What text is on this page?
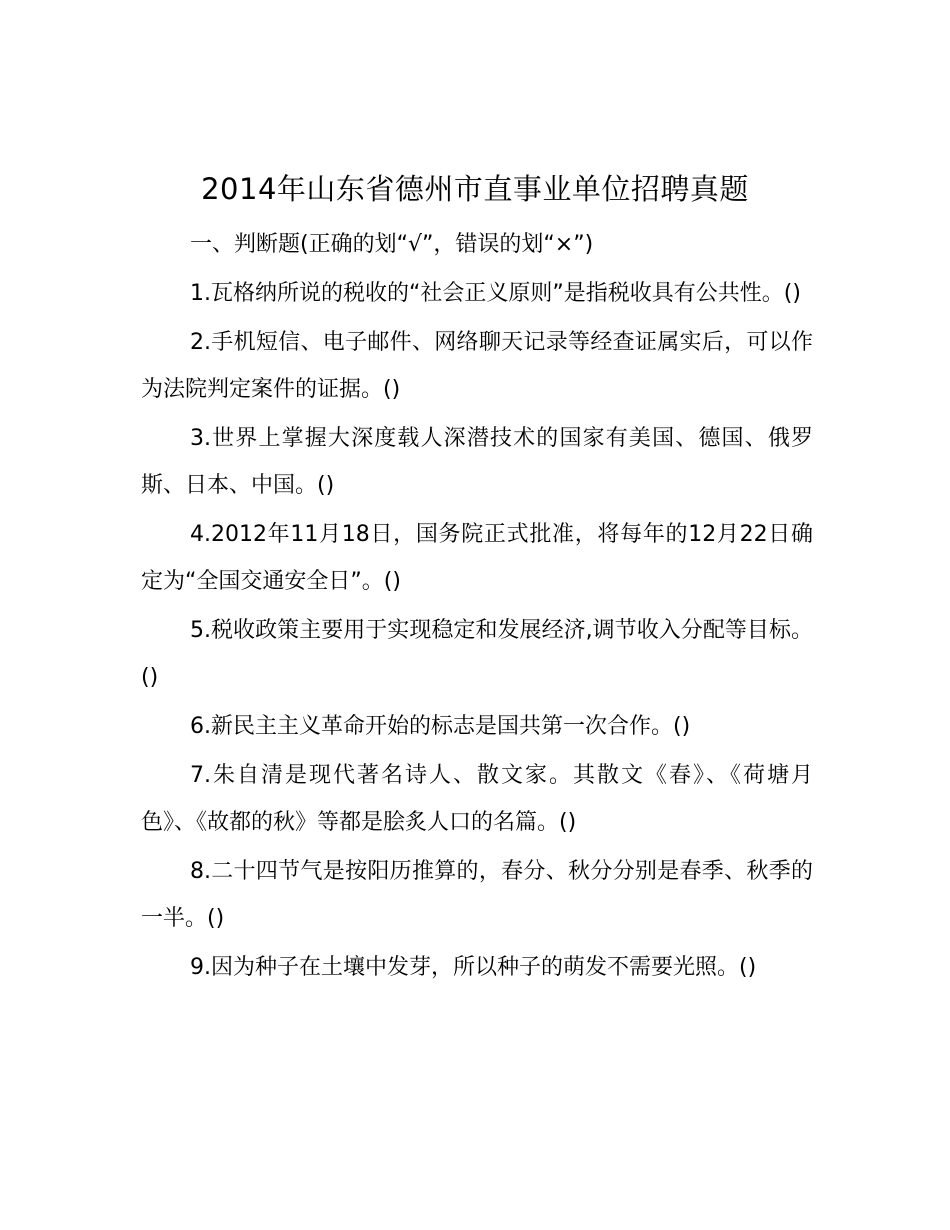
2014年山东省德州市直事业单位招聘真题

一、判断题(正确的划“√”，错误的划“×”)

1.瓦格纳所说的税收的“社会正义原则”是指税收具有公共性。()

2.手机短信、电子邮件、网络聊天记录等经查证属实后，可以作为法院判定案件的证据。()

3.世界上掌握大深度载人深潜技术的国家有美国、德国、俄罗斯、日本、中国。()

4.2012年11月18日，国务院正式批准，将每年的12月22日确定为“全国交通安全日”。()

5.税收政策主要用于实现稳定和发展经济,调节收入分配等目标。()

6.新民主主义革命开始的标志是国共第一次合作。()

7.朱自清是现代著名诗人、散文家。其散文《春》、《荷塘月色》、《故都的秋》等都是脍炙人口的名篇。()

8.二十四节气是按阳历推算的，春分、秋分分别是春季、秋季的一半。()

9.因为种子在土壤中发芽，所以种子的萌发不需要光照。()
